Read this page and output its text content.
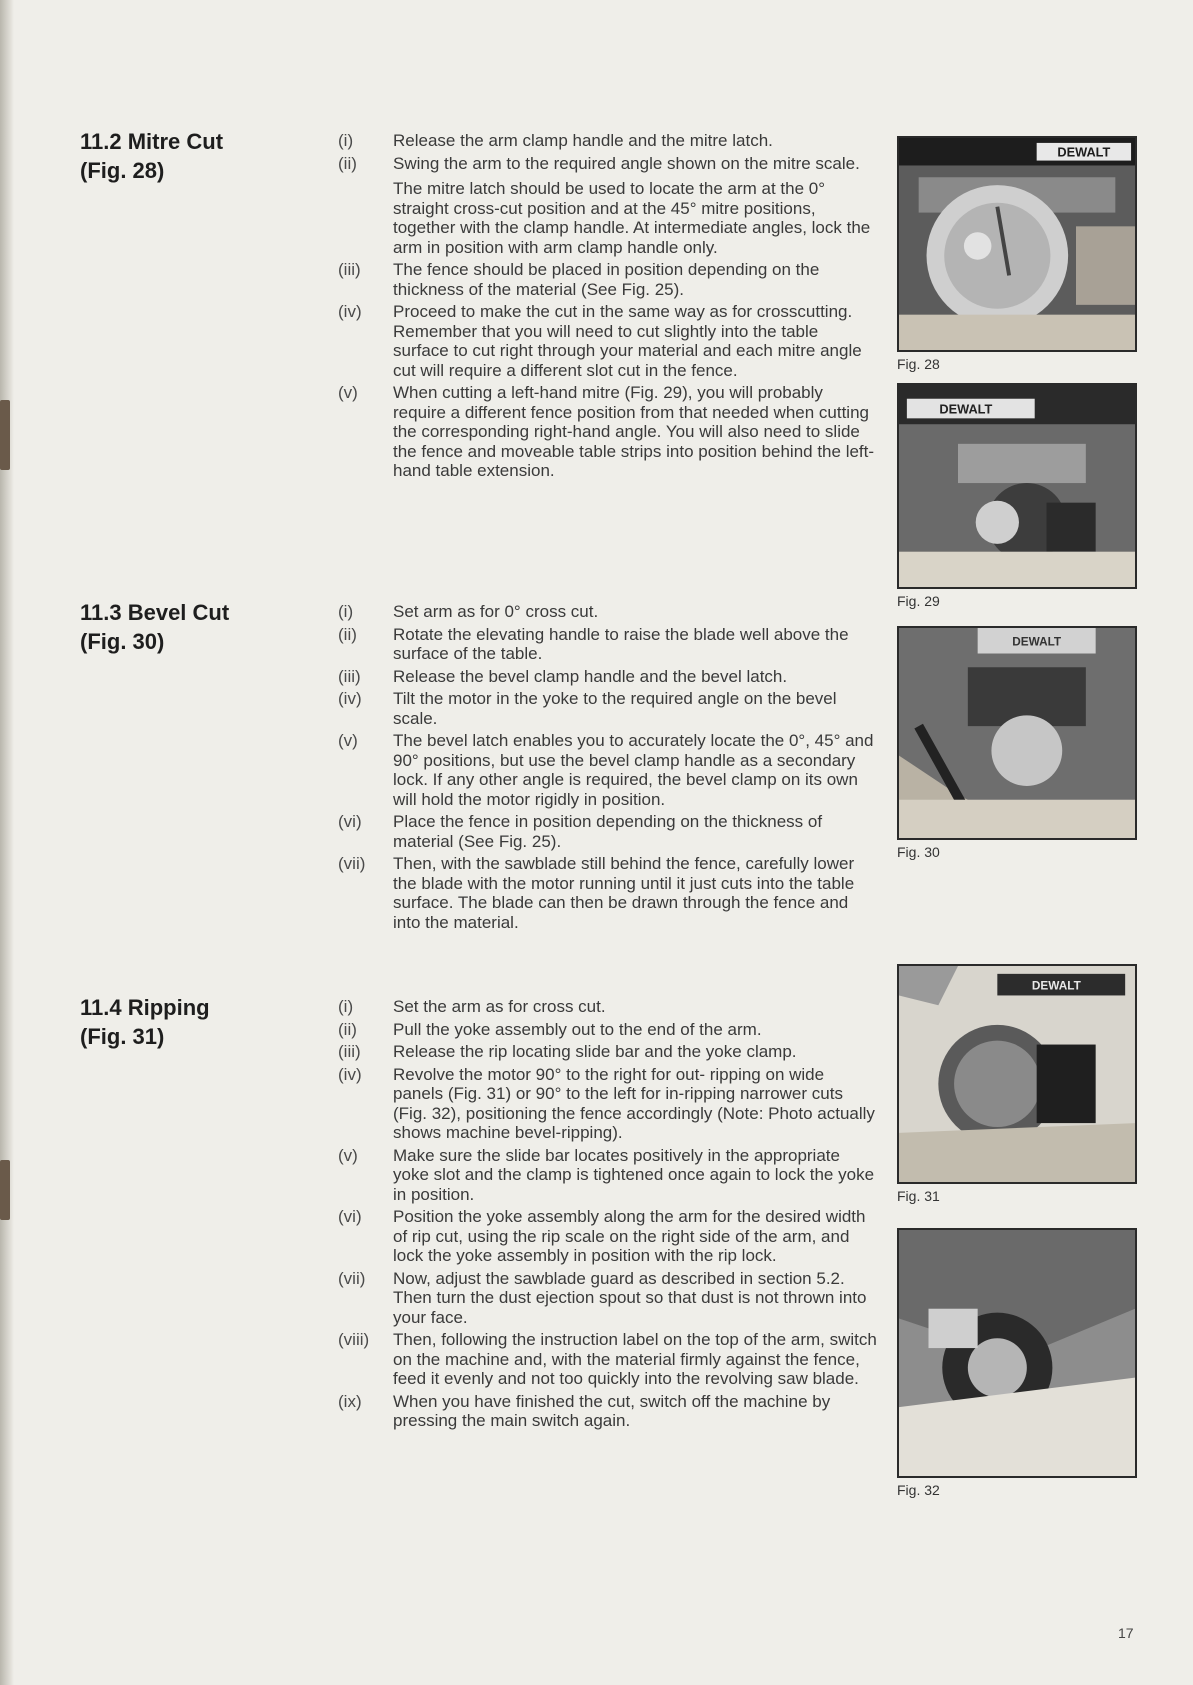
11.2 Mitre Cut
(Fig. 28)
(i)	Release the arm clamp handle and the mitre latch.
(ii)	Swing the arm to the required angle shown on the mitre scale.
The mitre latch should be used to locate the arm at the 0° straight cross-cut position and at the 45° mitre positions, together with the clamp handle. At intermediate angles, lock the arm in position with arm clamp handle only.
(iii)	The fence should be placed in position depending on the thickness of the material (See Fig. 25).
(iv)	Proceed to make the cut in the same way as for crosscutting. Remember that you will need to cut slightly into the table surface to cut right through your material and each mitre angle cut will require a different slot cut in the fence.
(v)	When cutting a left-hand mitre (Fig. 29), you will probably require a different fence position from that needed when cutting the corresponding right-hand angle. You will also need to slide the fence and moveable table strips into position behind the left-hand table extension.
11.3 Bevel Cut
(Fig. 30)
(i)	Set arm as for 0° cross cut.
(ii)	Rotate the elevating handle to raise the blade well above the surface of the table.
(iii)	Release the bevel clamp handle and the bevel latch.
(iv)	Tilt the motor in the yoke to the required angle on the bevel scale.
(v)	The bevel latch enables you to accurately locate the 0°, 45° and 90° positions, but use the bevel clamp handle as a secondary lock. If any other angle is required, the bevel clamp on its own will hold the motor rigidly in position.
(vi)	Place the fence in position depending on the thickness of material (See Fig. 25).
(vii)	Then, with the sawblade still behind the fence, carefully lower the blade with the motor running until it just cuts into the table surface. The blade can then be drawn through the fence and into the material.
11.4 Ripping
(Fig. 31)
(i)	Set the arm as for cross cut.
(ii)	Pull the yoke assembly out to the end of the arm.
(iii)	Release the rip locating slide bar and the yoke clamp.
(iv)	Revolve the motor 90° to the right for out- ripping on wide panels (Fig. 31) or 90° to the left for in-ripping narrower cuts (Fig. 32), positioning the fence accordingly (Note: Photo actually shows machine bevel-ripping).
(v)	Make sure the slide bar locates positively in the appropriate yoke slot and the clamp is tightened once again to lock the yoke in position.
(vi)	Position the yoke assembly along the arm for the desired width of rip cut, using the rip scale on the right side of the arm, and lock the yoke assembly in position with the rip lock.
(vii)	Now, adjust the sawblade guard as described in section 5.2. Then turn the dust ejection spout so that dust is not thrown into your face.
(viii)	Then, following the instruction label on the top of the arm, switch on the machine and, with the material firmly against the fence, feed it evenly and not too quickly into the revolving saw blade.
(ix)	When you have finished the cut, switch off the machine by pressing the main switch again.
DEWALT
Fig. 28
DEWALT
Fig. 29
DEWALT
Fig. 30
DEWALT
Fig. 31
Fig. 32
17
